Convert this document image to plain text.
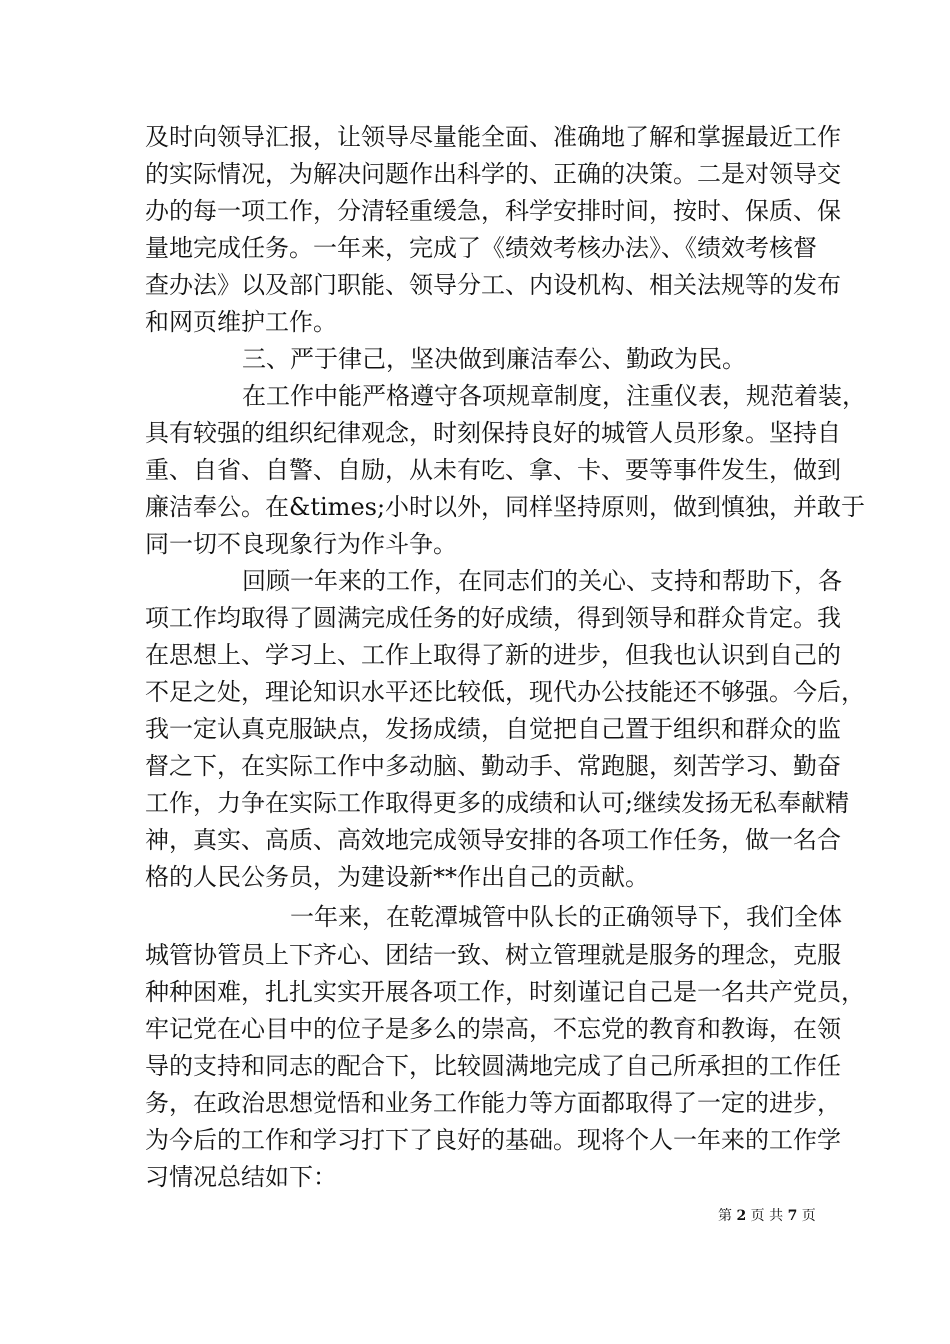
及时向领导汇报，让领导尽量能全面、准确地了解和掌握最近工作

的实际情况，为解决问题作出科学的、正确的决策。二是对领导交

办的每一项工作，分清轻重缓急，科学安排时间，按时、保质、保

量地完成任务。一年来，完成了《绩效考核办法》、《绩效考核督

查办法》以及部门职能、领导分工、内设机构、相关法规等的发布

和网页维护工作。

三、严于律己，坚决做到廉洁奉公、勤政为民。

在工作中能严格遵守各项规章制度，注重仪表，规范着装，

具有较强的组织纪律观念，时刻保持良好的城管人员形象。坚持自

重、自省、自警、自励，从未有吃、拿、卡、要等事件发生，做到

廉洁奉公。在&times;小时以外，同样坚持原则，做到慎独，并敢于

同一切不良现象行为作斗争。

回顾一年来的工作，在同志们的关心、支持和帮助下，各

项工作均取得了圆满完成任务的好成绩，得到领导和群众肯定。我

在思想上、学习上、工作上取得了新的进步，但我也认识到自己的

不足之处，理论知识水平还比较低，现代办公技能还不够强。今后，

我一定认真克服缺点，发扬成绩，自觉把自己置于组织和群众的监

督之下，在实际工作中多动脑、勤动手、常跑腿，刻苦学习、勤奋

工作，力争在实际工作取得更多的成绩和认可;继续发扬无私奉献精

神，真实、高质、高效地完成领导安排的各项工作任务，做一名合

格的人民公务员，为建设新**作出自己的贡献。

一年来，在乾潭城管中队长的正确领导下，我们全体

城管协管员上下齐心、团结一致、树立管理就是服务的理念，克服

种种困难，扎扎实实开展各项工作，时刻谨记自己是一名共产党员，

牢记党在心目中的位子是多么的崇高，不忘党的教育和教诲，在领

导的支持和同志的配合下，比较圆满地完成了自己所承担的工作任

务，在政治思想觉悟和业务工作能力等方面都取得了一定的进步，

为今后的工作和学习打下了良好的基础。现将个人一年来的工作学

习情况总结如下：

第 2 页 共 7 页
